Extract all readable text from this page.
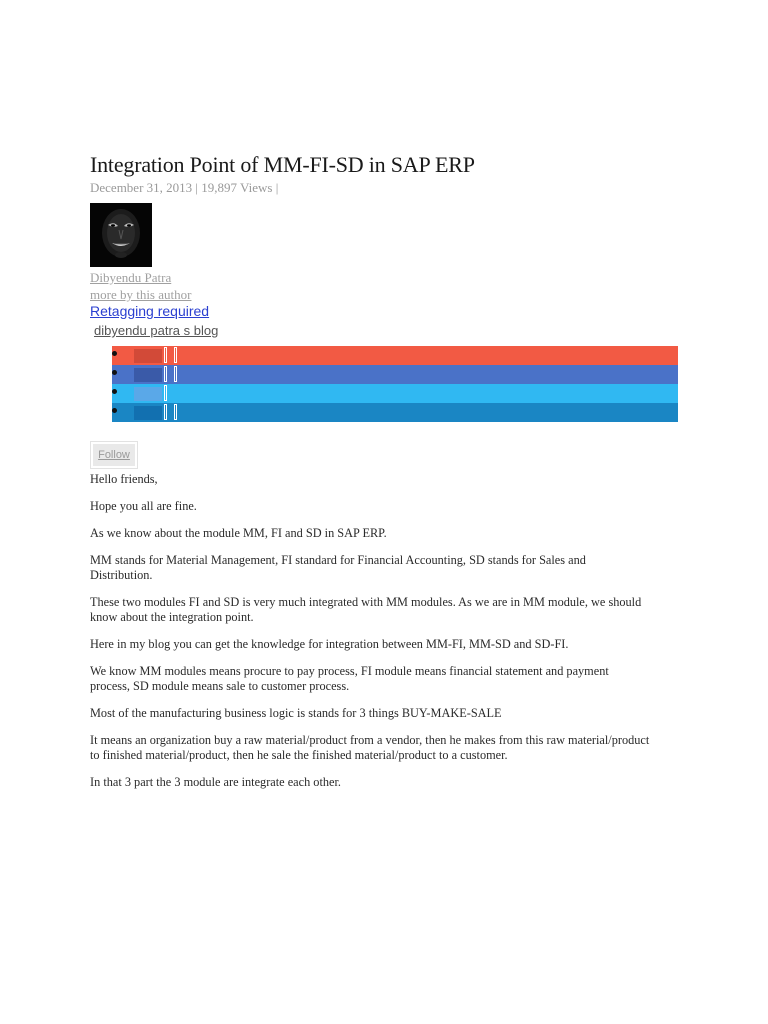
Integration Point of MM-FI-SD in SAP ERP
December 31, 2013 | 19,897 Views |
Dibyendu Patra
more by this author
Retagging required
dibyendu patra s blog
Follow

Hello friends,

Hope you all are fine.

As we know about the module MM, FI and SD in SAP ERP.

MM stands for Material Management, FI standard for Financial Accounting, SD stands for Sales and Distribution.

These two modules FI and SD is very much integrated with MM modules. As we are in MM module, we should know about the integration point.

Here in my blog you can get the knowledge for integration between MM-FI, MM-SD and SD-FI.

We know MM modules means procure to pay process, FI module means financial statement and payment process, SD module means sale to customer process.

Most of the manufacturing business logic is stands for 3 things BUY-MAKE-SALE

It means an organization buy a raw material/product from a vendor, then he makes from this raw material/product to finished material/product, then he sale the finished material/product to a customer.

In that 3 part the 3 module are integrate each other.
